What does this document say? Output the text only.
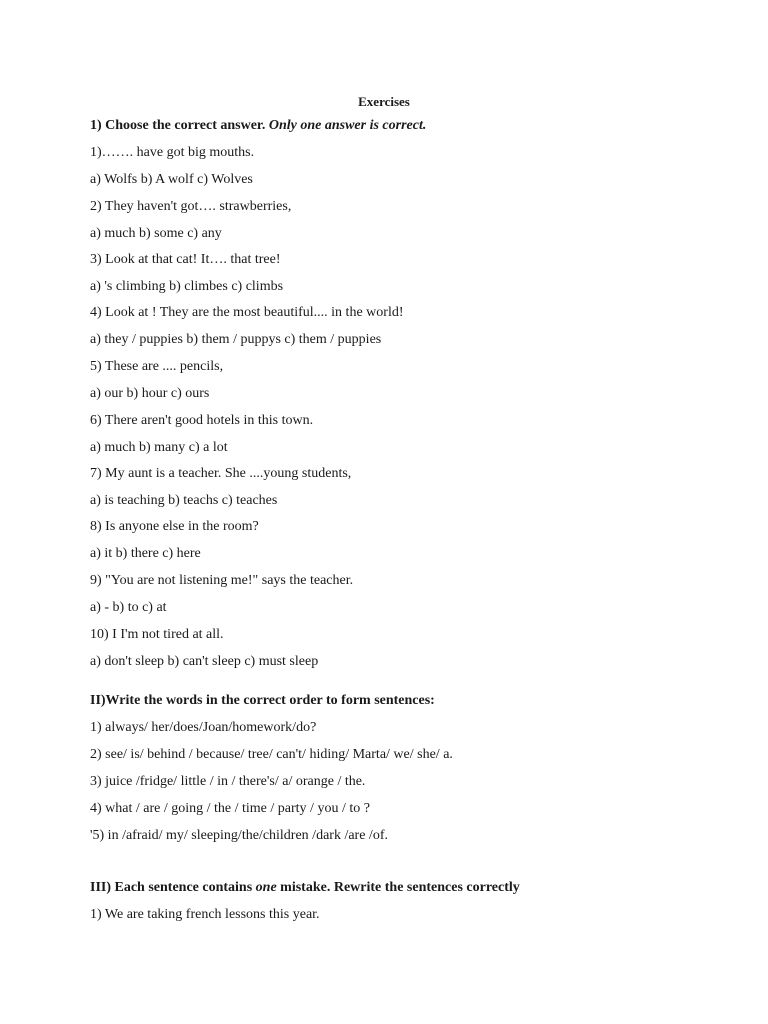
Exercises
1) Choose the correct answer. Only one answer is correct.
1)……. have got big mouths.
a) Wolfs b) A wolf c) Wolves
2) They haven't got…. strawberries,
a) much b) some c) any
3) Look at that cat! It…. that tree!
a) 's climbing b) climbes c) climbs
4) Look at ! They are the most beautiful.... in the world!
a) they / puppies b) them / puppys c) them / puppies
5) These are .... pencils,
a) our b) hour c) ours
6) There aren't good hotels in this town.
a) much b) many c) a lot
7) My aunt is a teacher. She ....young students,
a) is teaching b) teachs c) teaches
8) Is anyone else in the room?
a) it b) there c) here
9) "You are not listening me!" says the teacher.
a) - b) to c) at
10) I I'm not tired at all.
a) don't sleep b) can't sleep c) must sleep
II)Write the words in the correct order to form sentences:
1) always/ her/does/Joan/homework/do?
2) see/ is/ behind / because/ tree/ can't/ hiding/ Marta/ we/ she/ a.
3) juice /fridge/ little / in / there's/ a/ orange / the.
4) what / are / going / the / time / party / you / to ?
'5) in /afraid/ my/ sleeping/the/children /dark /are /of.
III) Each sentence contains one mistake. Rewrite the sentences correctly
1) We are taking french lessons this year.
